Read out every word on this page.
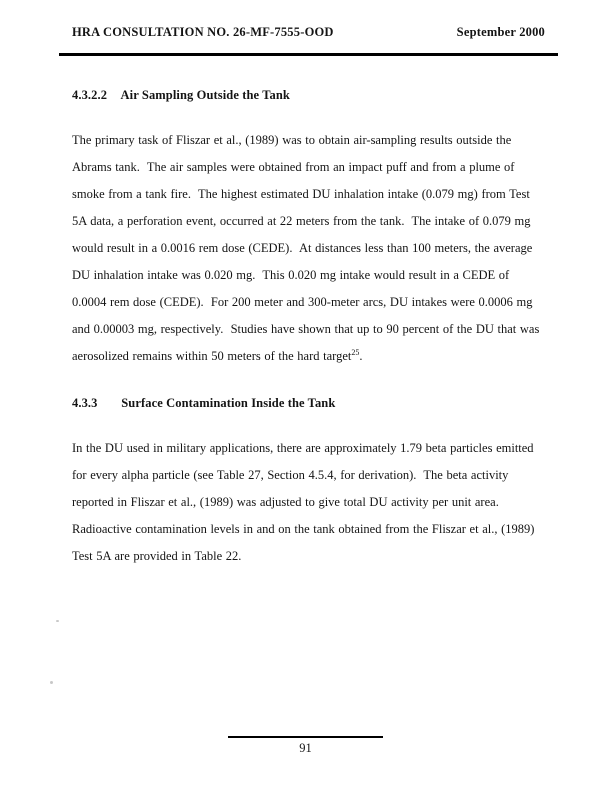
HRA CONSULTATION NO. 26-MF-7555-OOD	September 2000
4.3.2.2 Air Sampling Outside the Tank

The primary task of Fliszar et al., (1989) was to obtain air-sampling results outside the Abrams tank.  The air samples were obtained from an impact puff and from a plume of smoke from a tank fire.  The highest estimated DU inhalation intake (0.079 mg) from Test 5A data, a perforation event, occurred at 22 meters from the tank.  The intake of 0.079 mg would result in a 0.0016 rem dose (CEDE).  At distances less than 100 meters, the average DU inhalation intake was 0.020 mg.  This 0.020 mg intake would result in a CEDE of 0.0004 rem dose (CEDE).  For 200 meter and 300-meter arcs, DU intakes were 0.0006 mg and 0.00003 mg, respectively.  Studies have shown that up to 90 percent of the DU that was aerosolized remains within 50 meters of the hard target$^{25}$.

4.3.3 Surface Contamination Inside the Tank

In the DU used in military applications, there are approximately 1.79 beta particles emitted for every alpha particle (see Table 27, Section 4.5.4, for derivation).  The beta activity reported in Fliszar et al., (1989) was adjusted to give total DU activity per unit area.  Radioactive contamination levels in and on the tank obtained from the Fliszar et al., (1989) Test 5A are provided in Table 22.

91
